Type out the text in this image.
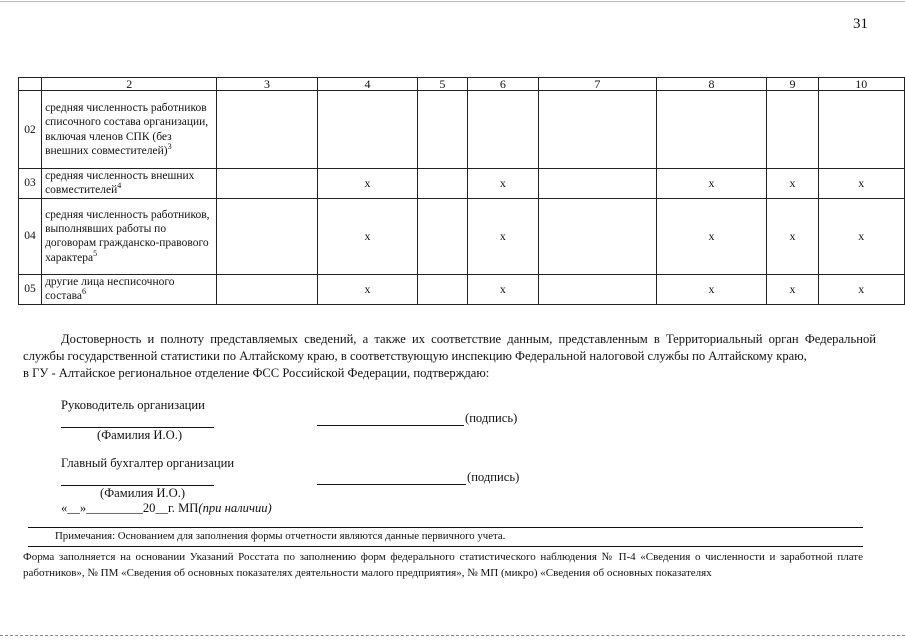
31
	2	3	4	5	6	7	8	9	10
02	средняя численность работников списочного состава организации, включая членов СПК (без внешних совместителей)$^3$								
03	средняя численность внешних совместителей$^4$		x		x		x	x	x
04	средняя численность работников, выполнявших работы по договорам гражданско-правового характера$^5$		x		x		x	x	x
05	другие лица несписочного состава$^6$		x		x		x	x	x
Достоверность и полноту представляемых сведений, а также их соответствие данным, представленным в Территориальный орган Федеральной службы государственной статистики по Алтайскому краю, в соответствующую инспекцию Федеральной налоговой службы по Алтайскому краю,
в ГУ - Алтайское региональное отделение ФСС Российской Федерации, подтверждаю:
Руководитель организации
(Фамилия И.О.)
(подпись)
Главный бухгалтер организации
(Фамилия И.О.)
(подпись)
«__»_________20__г. МП(при наличии)
Примечания: Основанием для заполнения формы отчетности являются данные первичного учета.
Форма заполняется на основании Указаний Росстата по заполнению форм федерального статистического наблюдения № П-4 «Сведения о численности и заработной плате работников», № ПМ «Сведения об основных показателях деятельности малого предприятия», № МП (микро) «Сведения об основных показателях
